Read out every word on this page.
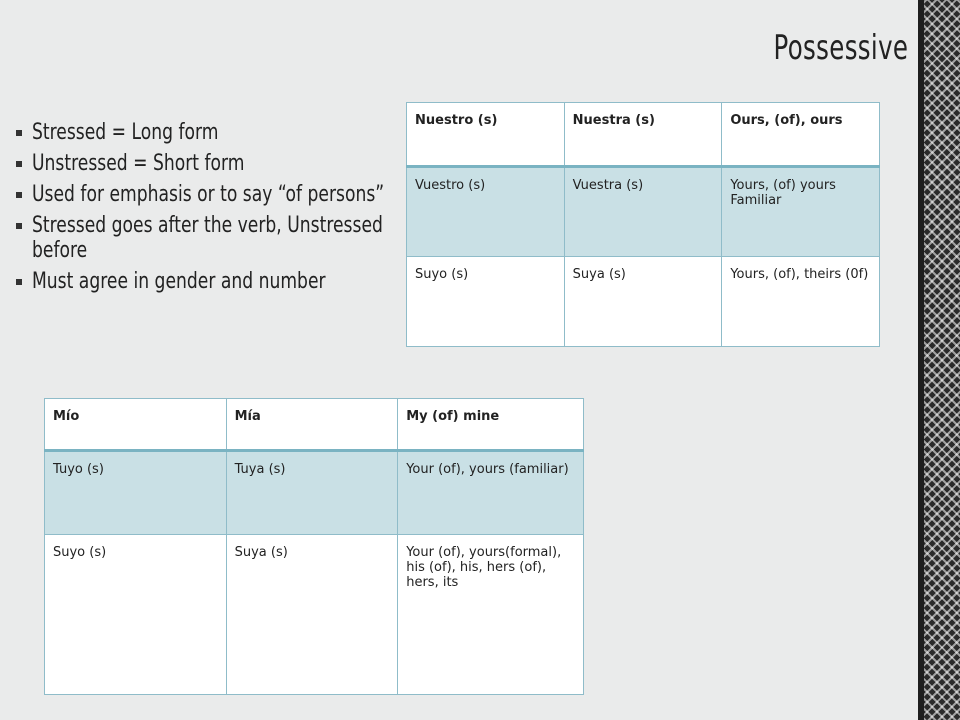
Possessive
Stressed = Long form
Unstressed = Short form
Used for emphasis or to say “of persons”
Stressed goes after the verb, Unstressed before
Must agree in gender and number
Nuestro (s)	Nuestra (s)	Ours, (of), ours
Vuestro (s)	Vuestra (s)	Yours, (of) yours Familiar
Suyo (s)	Suya (s)	Yours, (of), theirs (0f)
Mío	Mía	My (of) mine
Tuyo (s)	Tuya (s)	Your (of), yours (familiar)
Suyo (s)	Suya (s)	Your (of), yours(formal), his (of), his, hers (of), hers, its
